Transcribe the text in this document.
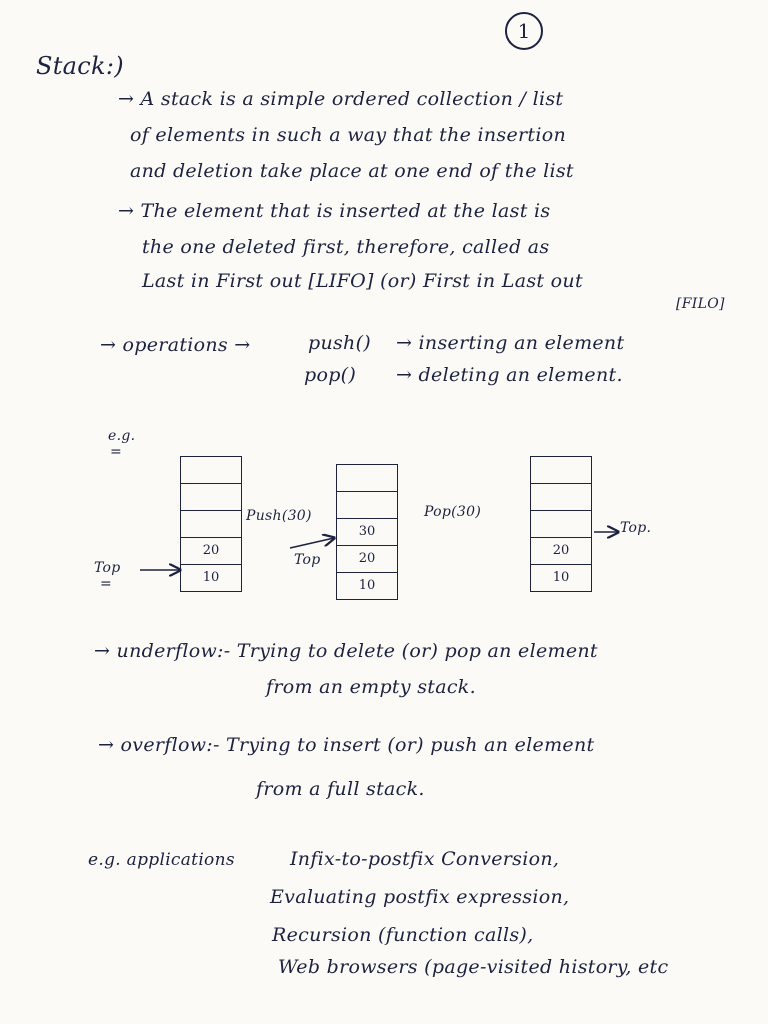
1
Stack:)
→ A stack is a simple ordered collection / list
of elements in such a way that the insertion
and deletion take place at one end of the list
→ The element that is inserted at the last is
the one deleted first, therefore, called as
Last in First out [LIFO] (or) First in Last out
[FILO]
→ operations →	push() → inserting an element
pop() → deleting an element.
e.g.
=
20
10
Top
=
30
20
10
Push(30)
Top
20
10
Pop(30)
Top.
→ underflow:- Trying to delete (or) pop an element
from an empty stack.
→ overflow:- Trying to insert (or) push an element
from a full stack.
e.g. applications	Infix-to-postfix Conversion,
Evaluating postfix expression,
Recursion (function calls),
Web browsers (page-visited history, etc
